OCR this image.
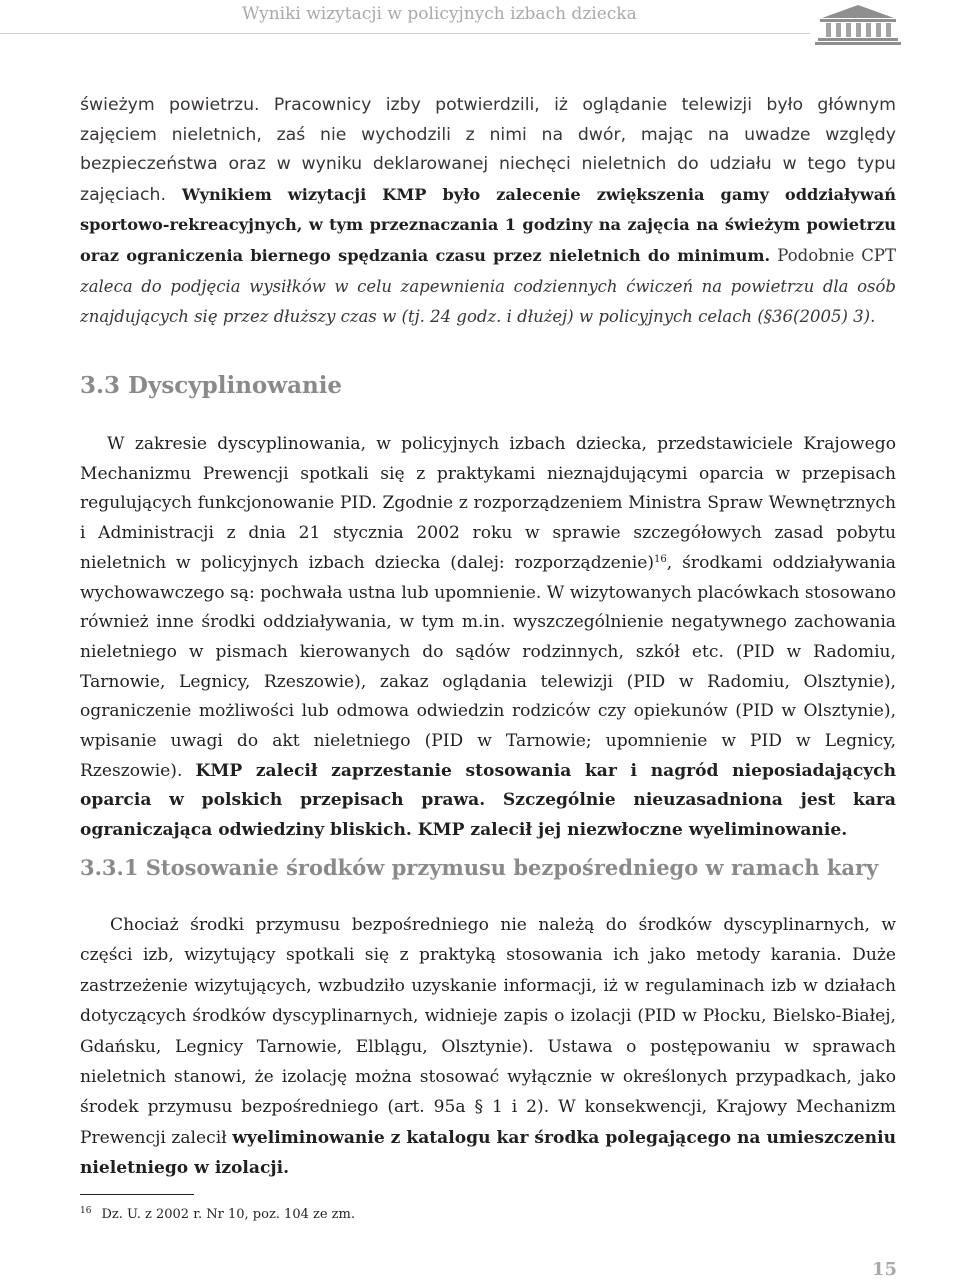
Wyniki wizytacji w policyjnych izbach dziecka

świeżym powietrzu. Pracownicy izby potwierdzili, iż oglądanie telewizji było głównym zajęciem nieletnich, zaś nie wychodzili z nimi na dwór, mając na uwadze względy bezpieczeństwa oraz w wyniku deklarowanej niechęci nieletnich do udziału w tego typu zajęciach. Wynikiem wizytacji KMP było zalecenie zwiększenia gamy oddziaływań sportowo-rekreacyjnych, w tym przeznaczania 1 godziny na zajęcia na świeżym powietrzu oraz ograniczenia biernego spędzania czasu przez nieletnich do minimum. Podobnie CPT zaleca do podjęcia wysiłków w celu zapewnienia codziennych ćwiczeń na powietrzu dla osób znajdujących się przez dłuższy czas w (tj. 24 godz. i dłużej) w policyjnych celach (§36(2005) 3).

3.3 Dyscyplinowanie

W zakresie dyscyplinowania, w policyjnych izbach dziecka, przedstawiciele Krajowego Mechanizmu Prewencji spotkali się z praktykami nieznajdującymi oparcia w przepisach regulujących funkcjonowanie PID. Zgodnie z rozporządzeniem Ministra Spraw Wewnętrznych i Administracji z dnia 21 stycznia 2002 roku w sprawie szczegółowych zasad pobytu nieletnich w policyjnych izbach dziecka (dalej: rozporządzenie)$^{16}$, środkami oddziaływania wychowawczego są: pochwała ustna lub upomnienie. W wizytowanych placówkach stosowano również inne środki oddziaływania, w tym m.in. wyszczególnienie negatywnego zachowania nieletniego w pismach kierowanych do sądów rodzinnych, szkół etc. (PID w Radomiu, Tarnowie, Legnicy, Rzeszowie), zakaz oglądania telewizji (PID w Radomiu, Olsztynie), ograniczenie możliwości lub odmowa odwiedzin rodziców czy opiekunów (PID w Olsztynie), wpisanie uwagi do akt nieletniego (PID w Tarnowie; upomnienie w PID w Legnicy, Rzeszowie). KMP zalecił zaprzestanie stosowania kar i nagród nieposiadających oparcia w polskich przepisach prawa. Szczególnie nieuzasadniona jest kara ograniczająca odwiedziny bliskich. KMP zalecił jej niezwłoczne wyeliminowanie.

3.3.1 Stosowanie środków przymusu bezpośredniego w ramach kary

Chociaż środki przymusu bezpośredniego nie należą do środków dyscyplinarnych, w części izb, wizytujący spotkali się z praktyką stosowania ich jako metody karania. Duże zastrzeżenie wizytujących, wzbudziło uzyskanie informacji, iż w regulaminach izb w działach dotyczących środków dyscyplinarnych, widnieje zapis o izolacji (PID w Płocku, Bielsko-Białej, Gdańsku, Legnicy Tarnowie, Elblągu, Olsztynie). Ustawa o postępowaniu w sprawach nieletnich stanowi, że izolację można stosować wyłącznie w określonych przypadkach, jako środek przymusu bezpośredniego (art. 95a § 1 i 2). W konsekwencji, Krajowy Mechanizm Prewencji zalecił wyeliminowanie z katalogu kar środka polegającego na umieszczeniu nieletniego w izolacji.

$^{16}$ Dz. U. z 2002 r. Nr 10, poz. 104 ze zm.

15
